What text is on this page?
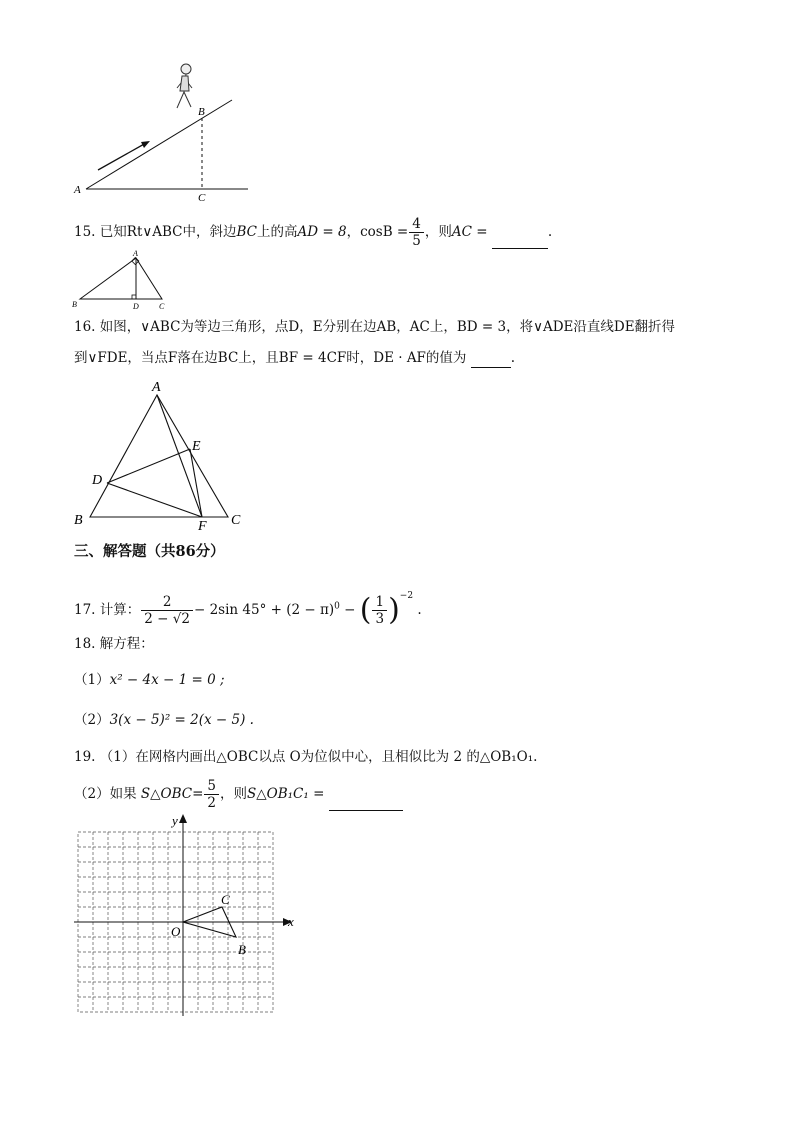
A
B
C
15. 已知Rt∨ABC中，斜边BC上的高AD = 8，$\cos B = \frac{4}{5}$ ，则AC =	.
A
B	D	C
16. 如图，∨ABC为等边三角形，点D，E分别在边AB，AC上，BD = 3，将∨ADE沿直线DE翻折得
到∨FDE，当点F落在边BC上，且BF = 4CF时，DE · AF的值为	.
A
E
D
B	F C
三、解答题（共86分）
17. 计算： $\frac{2}{2 - √2} - 2\sin$ $45^\circ + (2 - \pi)^0$ − ( $\frac{1}{3} )^{-2}$ .
18. 解方程：
（1）x² − 4x − 1 = 0 ;
（2）3(x − 5)² = 2(x − 5) .
19. （1）在网格内画出△OBC以点 O为位似中心，且相似比为 2 的△OB₁O₁.
（2）如果 S△OBC= $\frac{5}{2}$ ，则S△OB₁C₁ =
x
y
O
C
B
